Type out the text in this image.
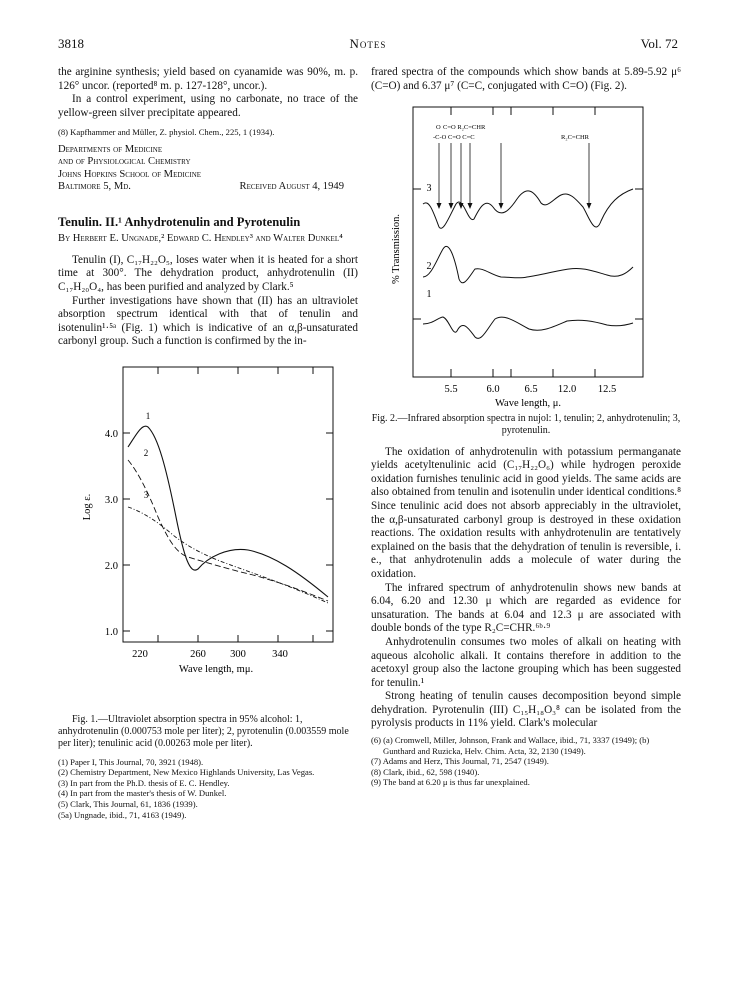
3818	Notes	Vol. 72

the arginine synthesis; yield based on cyanamide was 90%, m. p. 126° uncor. (reported⁸ m. p. 127-128°, uncor.).

In a control experiment, using no carbonate, no trace of the yellow-green silver precipitate appeared.

(8) Kapfhammer and Müller, Z. physiol. Chem., 225, 1 (1934).

Departments of Medicine
and of Physiological Chemistry
Johns Hopkins School of Medicine
Baltimore 5, Md.	Received August 4, 1949

Tenulin. II.¹ Anhydrotenulin and Pyrotenulin

By Herbert E. Ungnade,² Edward C. Hendley³ and Walter Dunkel⁴

Tenulin (I), C₁₇H₂₂O₅, loses water when it is heated for a short time at 300°. The dehydration product, anhydrotenulin (II) C₁₇H₂₀O₄, has been purified and analyzed by Clark.⁵

Further investigations have shown that (II) has an ultraviolet absorption spectrum identical with that of tenulin and isotenulin¹·⁵ᵃ (Fig. 1) which is indicative of an α,β-unsaturated carbonyl group. Such a function is confirmed by the in-

4.0
3.0
2.0
1.0
220	260 300	340
Wave length, mμ.
Log ε.
1
2
3

Fig. 1.—Ultraviolet absorption spectra in 95% alcohol: 1, anhydrotenulin (0.000753 mole per liter); 2, pyrotenulin (0.003559 mole per liter); tenulinic acid (0.00263 mole per liter).

(1) Paper I, This Journal, 70, 3921 (1948).

(2) Chemistry Department, New Mexico Highlands University, Las Vegas.

(3) In part from the Ph.D. thesis of E. C. Hendley.

(4) In part from the master's thesis of W. Dunkel.

(5) Clark, This Journal, 61, 1836 (1939).

(5a) Ungnade, ibid., 71, 4163 (1949).

frared spectra of the compounds which show bands at 5.89-5.92 μ⁶ (C=O) and 6.37 μ⁷ (C=C, conjugated with C=O) (Fig. 2).

O C=O R₂C=CHR
-C-O C=O C=C	R₂C=CHR
3
2
1
5.5	6.0 6.5 12.0 12.5
Wave length, μ.
% Transmission.

Fig. 2.—Infrared absorption spectra in nujol: 1, tenulin; 2, anhydrotenulin; 3, pyrotenulin.

The oxidation of anhydrotenulin with potassium permanganate yields acetyltenulinic acid (C₁₇H₂₂O₆) while hydrogen peroxide oxidation furnishes tenulinic acid in good yields. The same acids are also obtained from tenulin and isotenulin under identical conditions.⁸ Since tenulinic acid does not absorb appreciably in the ultraviolet, the α,β-unsaturated carbonyl group is destroyed in these oxidation reactions. The oxidation results with anhydrotenulin are tentatively explained on the basis that the dehydration of tenulin is reversible, i. e., that anhydrotenulin adds a molecule of water during the oxidation.

The infrared spectrum of anhydrotenulin shows new bands at 6.04, 6.20 and 12.30 μ which are regarded as evidence for unsaturation. The bands at 6.04 and 12.3 μ are associated with double bonds of the type R₂C=CHR.⁶ᵇ·⁹

Anhydrotenulin consumes two moles of alkali on heating with aqueous alcoholic alkali. It contains therefore in addition to the acetoxyl group also the lactone grouping which has been suggested for tenulin.¹

Strong heating of tenulin causes decomposition beyond simple dehydration. Pyrotenulin (III) C₁₅H₁₈O₃⁸ can be isolated from the pyrolysis products in 11% yield. Clark's molecular

(6) (a) Cromwell, Miller, Johnson, Frank and Wallace, ibid., 71, 3337 (1949); (b) Gunthard and Ruzicka, Helv. Chim. Acta, 32, 2130 (1949).

(7) Adams and Herz, This Journal, 71, 2547 (1949).

(8) Clark, ibid., 62, 598 (1940).

(9) The band at 6.20 μ is thus far unexplained.
